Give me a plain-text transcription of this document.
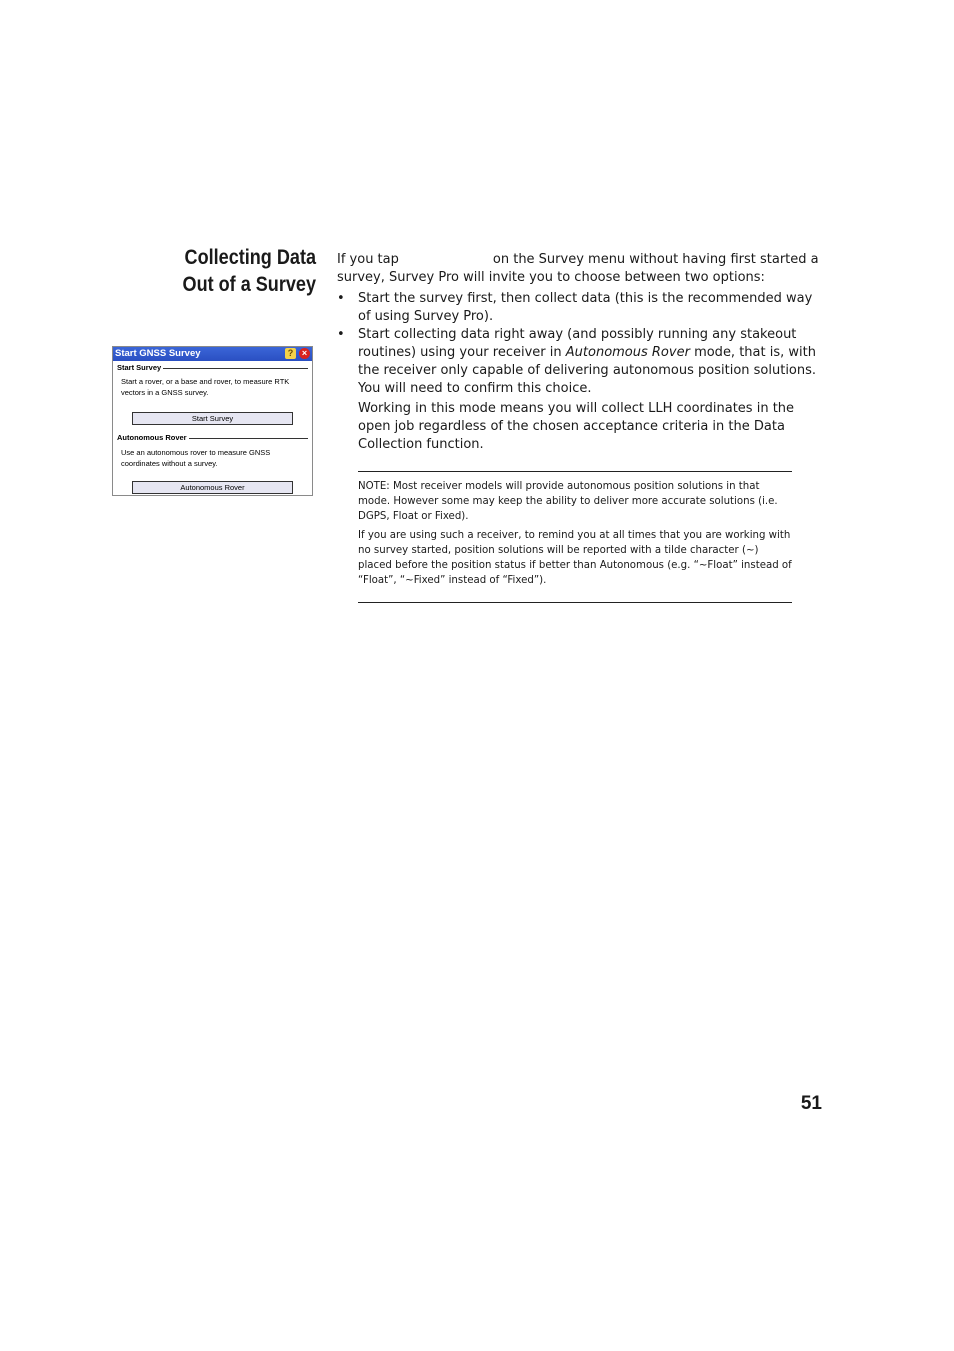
Collecting Data
Out of a Survey
If you tap	on the Survey menu without having first started a survey, Survey Pro will invite you to choose between two options:
• Start the survey first, then collect data (this is the recommended way of using Survey Pro).
• Start collecting data right away (and possibly running any stakeout routines) using your receiver in Autonomous Rover mode, that is, with the receiver only capable of delivering autonomous position solutions. You will need to confirm this choice.
Working in this mode means you will collect LLH coordinates in the open job regardless of the chosen acceptance criteria in the Data Collection function.
NOTE: Most receiver models will provide autonomous position solutions in that mode. However some may keep the ability to deliver more accurate solutions (i.e. DGPS, Float or Fixed).
If you are using such a receiver, to remind you at all times that you are working with no survey started, position solutions will be reported with a tilde character (~) placed before the position status if better than Autonomous (e.g. “~Float” instead of “Float”, “~Fixed” instead of “Fixed”).
Start GNSS Survey	? ×
Start Survey
Start a rover, or a base and rover, to measure RTK vectors in a GNSS survey.
Start Survey
Autonomous Rover
Use an autonomous rover to measure GNSS coordinates without a survey.
Autonomous Rover
51
